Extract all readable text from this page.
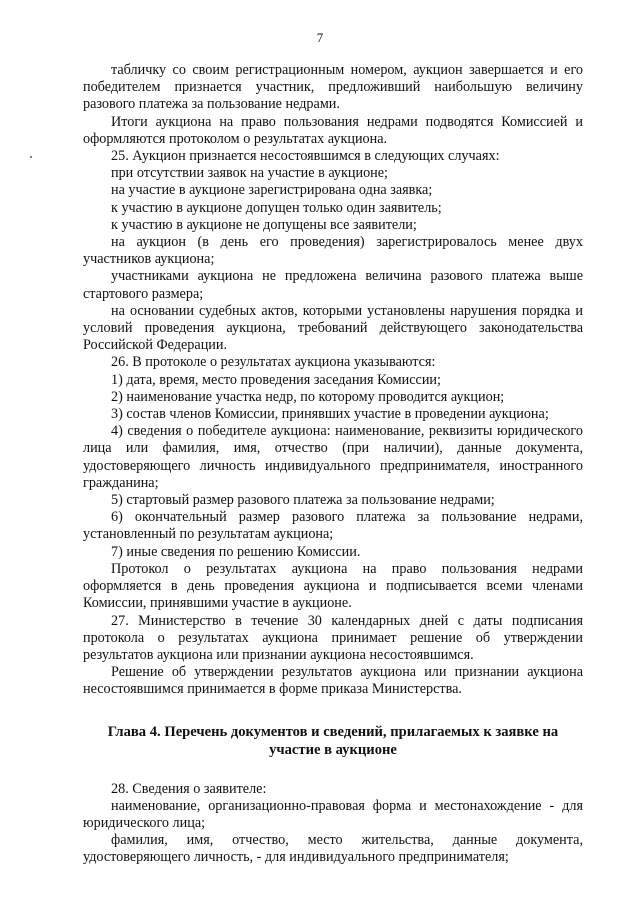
7

табличку со своим регистрационным номером, аукцион завершается и его победителем признается участник, предложивший наибольшую величину разового платежа за пользование недрами.

Итоги аукциона на право пользования недрами подводятся Комиссией и оформляются протоколом о результатах аукциона.

25. Аукцион признается несостоявшимся в следующих случаях:

при отсутствии заявок на участие в аукционе;

на участие в аукционе зарегистрирована одна заявка;

к участию в аукционе допущен только один заявитель;

к участию в аукционе не допущены все заявители;

на аукцион (в день его проведения) зарегистрировалось менее двух участников аукциона;

участниками аукциона не предложена величина разового платежа выше стартового размера;

на основании судебных актов, которыми установлены нарушения порядка и условий проведения аукциона, требований действующего законодательства Российской Федерации.

26. В протоколе о результатах аукциона указываются:

1) дата, время, место проведения заседания Комиссии;

2) наименование участка недр, по которому проводится аукцион;

3) состав членов Комиссии, принявших участие в проведении аукциона;

4) сведения о победителе аукциона: наименование, реквизиты юридического лица или фамилия, имя, отчество (при наличии), данные документа, удостоверяющего личность индивидуального предпринимателя, иностранного гражданина;

5) стартовый размер разового платежа за пользование недрами;

6) окончательный размер разового платежа за пользование недрами, установленный по результатам аукциона;

7) иные сведения по решению Комиссии.

Протокол о результатах аукциона на право пользования недрами оформляется в день проведения аукциона и подписывается всеми членами Комиссии, принявшими участие в аукционе.

27. Министерство в течение 30 календарных дней с даты подписания протокола о результатах аукциона принимает решение об утверждении результатов аукциона или признании аукциона несостоявшимся.

Решение об утверждении результатов аукциона или признании аукциона несостоявшимся принимается в форме приказа Министерства.

Глава 4. Перечень документов и сведений, прилагаемых к заявке на
участие в аукционе

28. Сведения о заявителе:

наименование, организационно-правовая форма и местонахождение - для юридического лица;

фамилия, имя, отчество, место жительства, данные документа, удостоверяющего личность, - для индивидуального предпринимателя;
